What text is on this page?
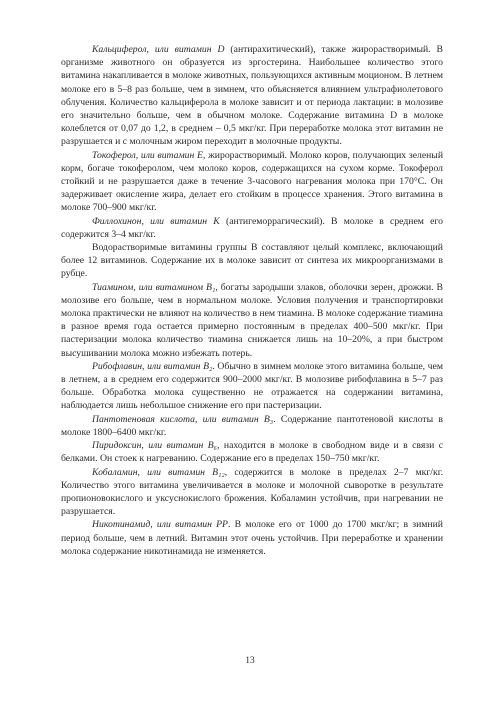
Кальциферол, или витамин D (антирахитический), также жирорастворимый. В организме животного он образуется из эргостерина. Наибольшее количество этого витамина накапливается в молоке животных, пользующихся активным моционом. В летнем молоке его в 5–8 раз больше, чем в зимнем, что объясняется влиянием ультрафиолетового облучения. Количество кальциферола в молоке зависит и от периода лактации: в молозиве его значительно больше, чем в обычном молоке. Содержание витамина D в молоке колеблется от 0,07 до 1,2, в среднем – 0,5 мкг/кг. При переработке молока этот витамин не разрушается и с молочным жиром переходит в молочные продукты.

Токоферол, или витамин E, жирорастворимый. Молоко коров, получающих зеленый корм, богаче токоферолом, чем молоко коров, содержащихся на сухом корме. Токоферол стойкий и не разрушается даже в течение 3-часового нагревания молока при 170°С. Он задерживает окисление жира, делает его стойким в процессе хранения. Этого витамина в молоке 700–900 мкг/кг.

Филлохинон, или витамин К (антигеморрагический). В молоке в среднем его содержится 3–4 мкг/кг.

Водорастворимые витамины группы В составляют целый комплекс, включающий более 12 витаминов. Содержание их в молоке зависит от синтеза их микроорганизмами в рубце.

Тиамином, или витамином B₁, богаты зародыши злаков, оболочки зерен, дрожжи. В молозиве его больше, чем в нормальном молоке. Условия получения и транспортировки молока практически не влияют на количество в нем тиамина. В молоке содержание тиамина в разное время года остается примерно постоянным в пределах 400–500 мкг/кг. При пастеризации молока количество тиамина снижается лишь на 10–20%, а при быстром высушивании молока можно избежать потерь.

Рибофлавин, или витамин B₂. Обычно в зимнем молоке этого витамина больше, чем в летнем, а в среднем его содержится 900–2000 мкг/кг. В молозиве рибофлавина в 5–7 раз больше. Обработка молока существенно не отражается на содержании витамина, наблюдается лишь небольшое снижение его при пастеризации.

Пантотеновая кислота, или витамин B₃. Содержание пантотеновой кислоты в молоке 1800–6400 мкг/кг.

Пиридоксин, или витамин B₆, находится в молоке в свободном виде и в связи с белками. Он стоек к нагреванию. Содержание его в пределах 150–750 мкг/кг.

Кобаламин, или витамин B₁₂, содержится в молоке в пределах 2–7 мкг/кг. Количество этого витамина увеличивается в молоке и молочной сыворотке в результате пропионовокислого и уксуснокислого брожения. Кобаламин устойчив, при нагревании не разрушается.

Никотинамид, или витамин РР. В молоке его от 1000 до 1700 мкг/кг; в зимний период больше, чем в летний. Витамин этот очень устойчив. При переработке и хранении молока содержание никотинамида не изменяется.

13
